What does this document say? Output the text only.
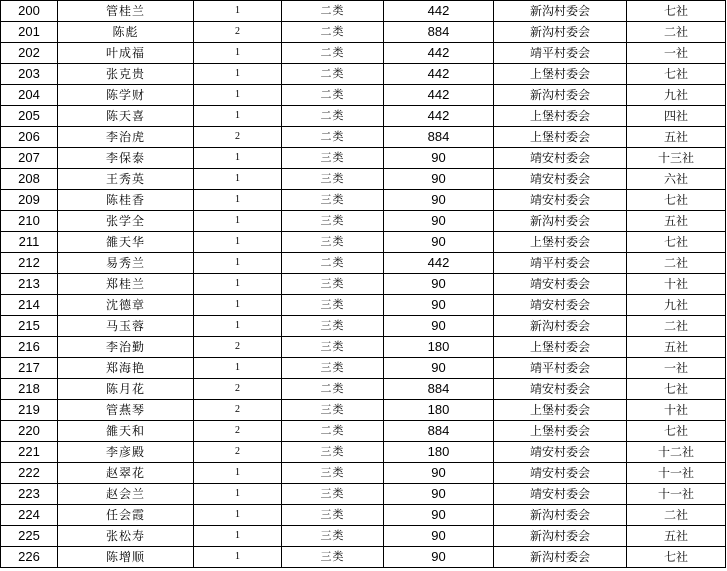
200	管桂兰	1	二类	442	新沟村委会	七社
201	陈彪	2	二类	884	新沟村委会	二社
202	叶成福	1	二类	442	靖平村委会	一社
203	张克贵	1	二类	442	上堡村委会	七社
204	陈学财	1	二类	442	新沟村委会	九社
205	陈天喜	1	二类	442	上堡村委会	四社
206	李治虎	2	二类	884	上堡村委会	五社
207	李保泰	1	三类	90	靖安村委会	十三社
208	王秀英	1	三类	90	靖安村委会	六社
209	陈桂香	1	三类	90	靖安村委会	七社
210	张学全	1	三类	90	新沟村委会	五社
211	雒天华	1	三类	90	上堡村委会	七社
212	易秀兰	1	二类	442	靖平村委会	二社
213	郑桂兰	1	三类	90	靖安村委会	十社
214	沈德章	1	三类	90	靖安村委会	九社
215	马玉蓉	1	三类	90	新沟村委会	二社
216	李治勤	2	三类	180	上堡村委会	五社
217	郑海艳	1	三类	90	靖平村委会	一社
218	陈月花	2	二类	884	靖安村委会	七社
219	管燕琴	2	三类	180	上堡村委会	十社
220	雒天和	2	二类	884	上堡村委会	七社
221	李彦殿	2	三类	180	靖安村委会	十二社
222	赵翠花	1	三类	90	靖安村委会	十一社
223	赵会兰	1	三类	90	靖安村委会	十一社
224	任会霞	1	三类	90	新沟村委会	二社
225	张松寿	1	三类	90	新沟村委会	五社
226	陈增顺	1	三类	90	新沟村委会	七社
